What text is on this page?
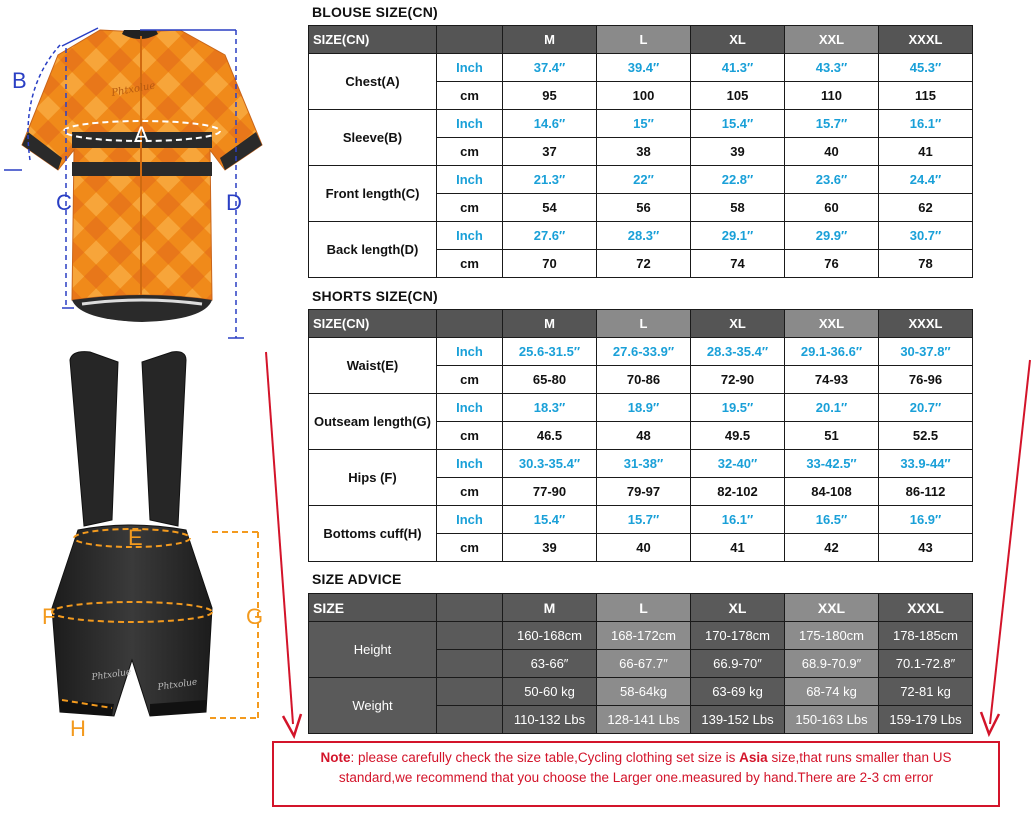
Phtxolue
B
A
C	D
Phtxolue
Phtxolue
E
F	G
H
BLOUSE SIZE(CN)
SIZE(CN)		M	L	XL	XXL	XXXL
Chest(A)	Inch	37.4″	39.4″	41.3″	43.3″	45.3″
	cm	95	100	105	110	115
Sleeve(B)	Inch	14.6″	15″	15.4″	15.7″	16.1″
	cm	37	38	39	40	41
Front length(C)	Inch	21.3″	22″	22.8″	23.6″	24.4″
	cm	54	56	58	60	62
Back length(D)	Inch	27.6″	28.3″	29.1″	29.9″	30.7″
	cm	70	72	74	76	78
SHORTS SIZE(CN)
SIZE(CN)		M	L	XL	XXL	XXXL
Waist(E)	Inch	25.6-31.5″	27.6-33.9″	28.3-35.4″	29.1-36.6″	30-37.8″
	cm	65-80	70-86	72-90	74-93	76-96
Outseam length(G)	Inch	18.3″	18.9″	19.5″	20.1″	20.7″
	cm	46.5	48	49.5	51	52.5
Hips (F)	Inch	30.3-35.4″	31-38″	32-40″	33-42.5″	33.9-44″
	cm	77-90	79-97	82-102	84-108	86-112
Bottoms cuff(H)	Inch	15.4″	15.7″	16.1″	16.5″	16.9″
	cm	39	40	41	42	43
SIZE ADVICE
SIZE		M	L	XL	XXL	XXXL
Height		160-168cm	168-172cm	170-178cm	175-180cm	178-185cm
		63-66″	66-67.7″	66.9-70″	68.9-70.9″	70.1-72.8″
Weight		50-60 kg	58-64kg	63-69 kg	68-74 kg	72-81 kg
		110-132 Lbs	128-141 Lbs	139-152 Lbs	150-163 Lbs	159-179 Lbs
Note: please carefully check the size table,Cycling clothing set size is Asia size,that runs smaller than US standard,we recommend that you choose the Larger one.measured by hand.There are 2-3 cm error
